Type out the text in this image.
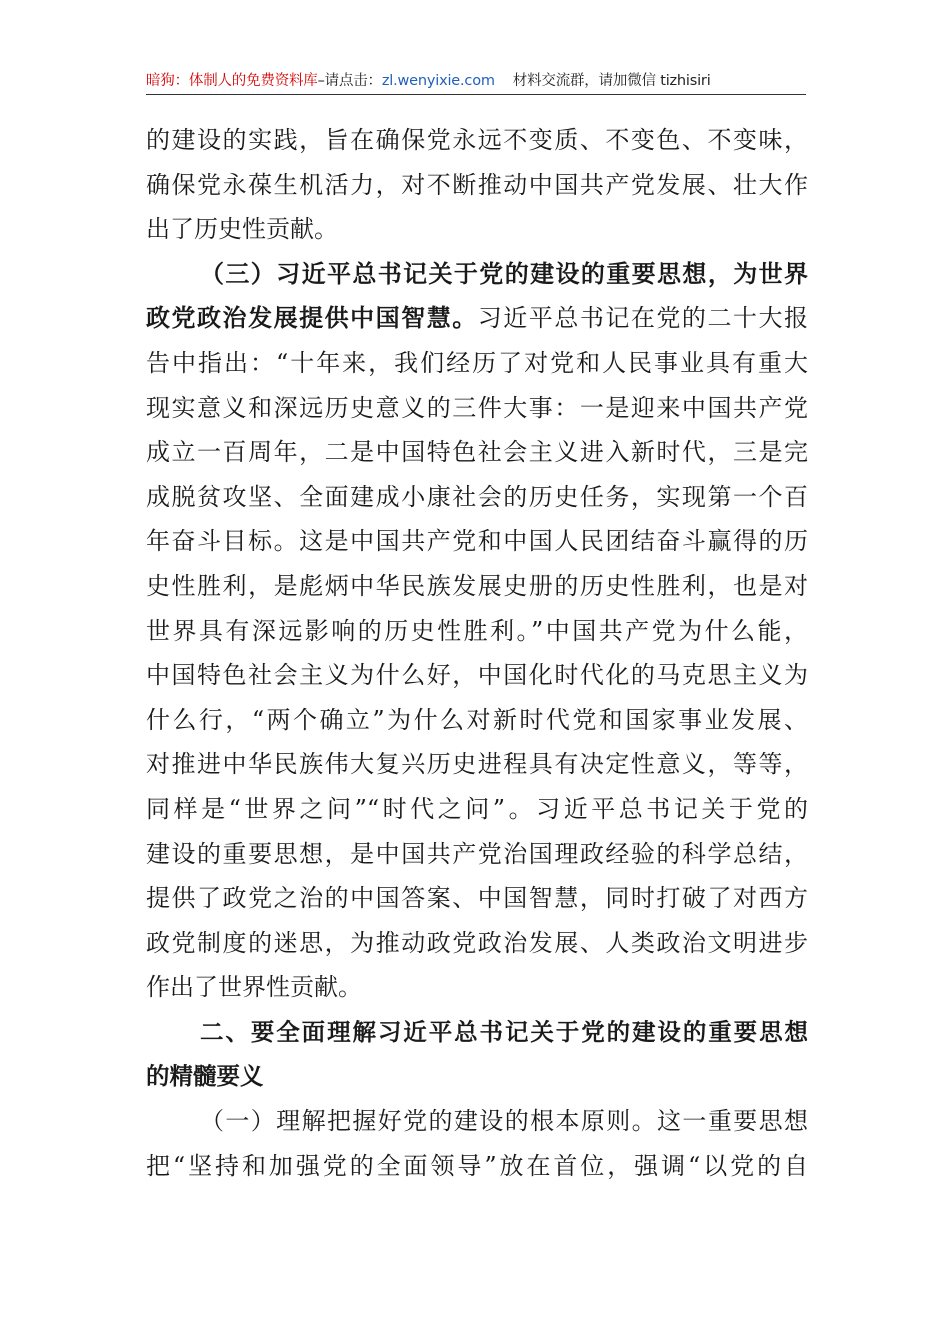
暗狗：体制人的免费资料库–请点击：zl.wenyixie.com 材料交流群，请加微信 tizhisiri
的建设的实践，旨在确保党永远不变质、不变色、不变味，
确保党永葆生机活力，对不断推动中国共产党发展、壮大作
出了历史性贡献。
（三）习近平总书记关于党的建设的重要思想，为世界
政党政治发展提供中国智慧。习近平总书记在党的二十大报
告中指出：“十年来，我们经历了对党和人民事业具有重大
现实意义和深远历史意义的三件大事：一是迎来中国共产党
成立一百周年，二是中国特色社会主义进入新时代，三是完
成脱贫攻坚、全面建成小康社会的历史任务，实现第一个百
年奋斗目标。这是中国共产党和中国人民团结奋斗赢得的历
史性胜利，是彪炳中华民族发展史册的历史性胜利，也是对
世界具有深远影响的历史性胜利。”中国共产党为什么能，
中国特色社会主义为什么好，中国化时代化的马克思主义为
什么行，“两个确立”为什么对新时代党和国家事业发展、
对推进中华民族伟大复兴历史进程具有决定性意义，等等，
同样是“世界之问”“时代之问”。习近平总书记关于党的
建设的重要思想，是中国共产党治国理政经验的科学总结，
提供了政党之治的中国答案、中国智慧，同时打破了对西方
政党制度的迷思，为推动政党政治发展、人类政治文明进步
作出了世界性贡献。
二、要全面理解习近平总书记关于党的建设的重要思想
的精髓要义
（一）理解把握好党的建设的根本原则。这一重要思想
把“坚持和加强党的全面领导”放在首位，强调“以党的自
